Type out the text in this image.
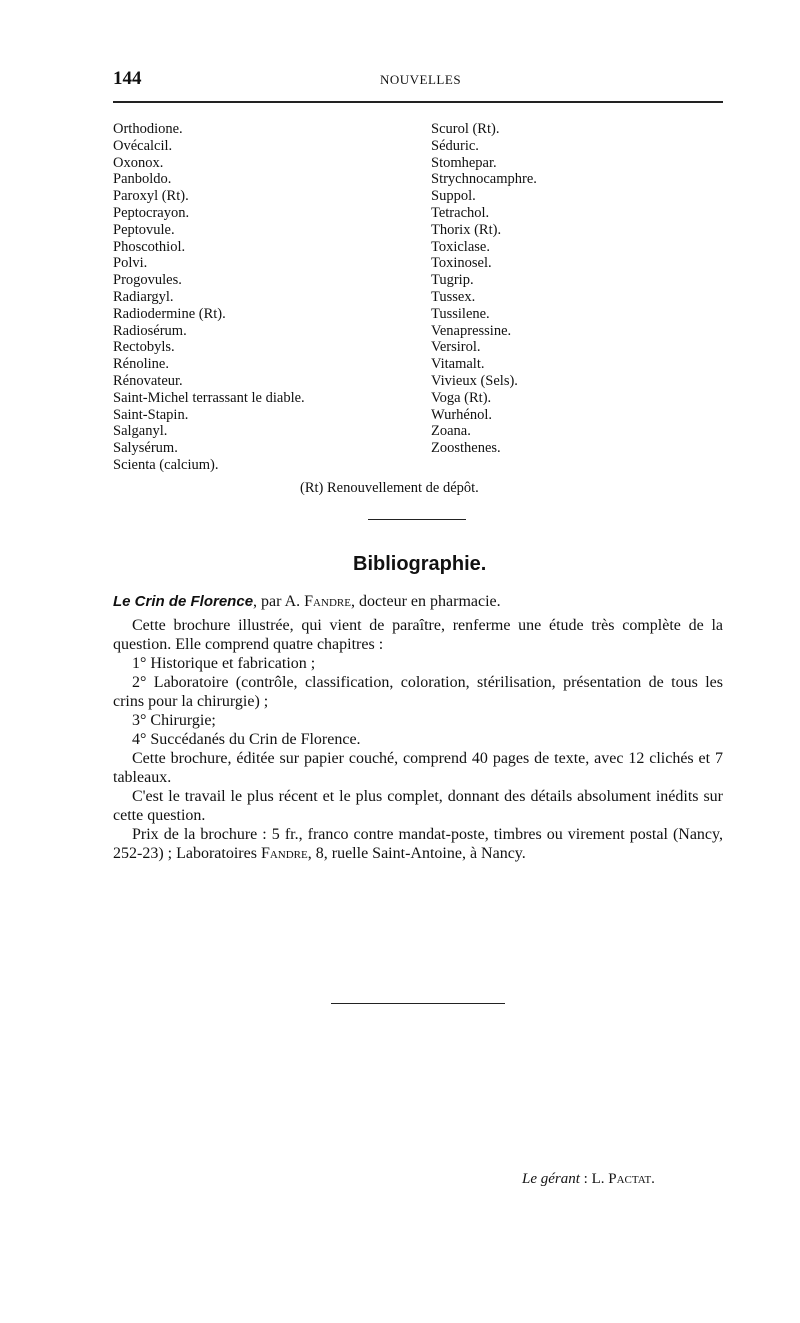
144	NOUVELLES
Orthodione.
Ovécalcil.
Oxonox.
Panboldo.
Paroxyl (Rt).
Peptocrayon.
Peptovule.
Phoscothiol.
Polvi.
Progovules.
Radiargyl.
Radiodermine (Rt).
Radiosérum.
Rectobyls.
Rénoline.
Rénovateur.
Saint-Michel terrassant le diable.
Saint-Stapin.
Salganyl.
Salysérum.
Scienta (calcium).
Scurol (Rt).
Séduric.
Stomhepar.
Strychnocamphre.
Suppol.
Tetrachol.
Thorix (Rt).
Toxiclase.
Toxinosel.
Tugrip.
Tussex.
Tussilene.
Venapressine.
Versirol.
Vitamalt.
Vivieux (Sels).
Voga (Rt).
Wurhénol.
Zoana.
Zoosthenes.
(Rt) Renouvellement de dépôt.
Bibliographie.

Le Crin de Florence, par A. Fandre, docteur en pharmacie.

Cette brochure illustrée, qui vient de paraître, renferme une étude très complète de la question. Elle comprend quatre chapitres :

1° Historique et fabrication ;

2° Laboratoire (contrôle, classification, coloration, stérilisation, présentation de tous les crins pour la chirurgie) ;

3° Chirurgie;

4° Succédanés du Crin de Florence.

Cette brochure, éditée sur papier couché, comprend 40 pages de texte, avec 12 clichés et 7 tableaux.

C'est le travail le plus récent et le plus complet, donnant des détails absolument inédits sur cette question.

Prix de la brochure : 5 fr., franco contre mandat-poste, timbres ou virement postal (Nancy, 252-23) ; Laboratoires Fandre, 8, ruelle Saint-Antoine, à Nancy.

Le gérant : L. Pactat.
